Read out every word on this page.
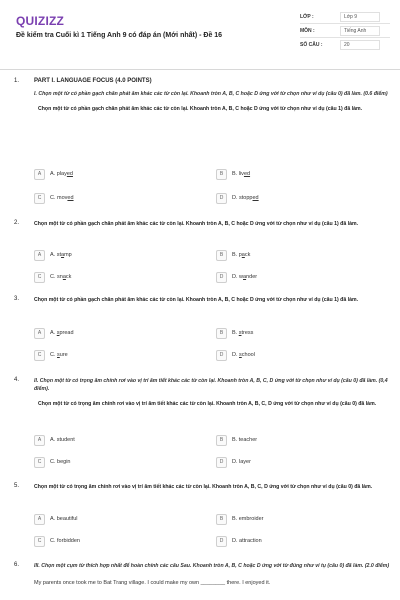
QUIZIZZ
Đề kiểm tra Cuối kì 1 Tiếng Anh 9 có đáp án (Mới nhất) - Đề 16
LỚP :	Lớp 9
MÔN :	Tiếng Anh
SỐ CÂU :	20
1. PART I. LANGUAGE FOCUS (4.0 POINTS)
I. Chọn một từ có phần gạch chân phát âm khác các từ còn lại. Khoanh tròn A, B, C hoặc D ứng với từ chọn như ví dụ (câu 0) đã làm. (0.6 điểm)
Chọn một từ có phần gạch chân phát âm khác các từ còn lại. Khoanh tròn A, B, C hoặc D ứng với từ chọn như ví dụ (câu 1) đã làm.
A	A. played	B	B. lived
C	C. moved	D	D. stopped
2.	Chọn một từ có phần gạch chân phát âm khác các từ còn lại. Khoanh tròn A, B, C hoặc D ứng với từ chọn như ví dụ (câu 1) đã làm.
A	A. stamp	B	B. pack
C	C. snack	D	D. wander
3.	Chọn một từ có phần gạch chân phát âm khác các từ còn lại. Khoanh tròn A, B, C hoặc D ứng với từ chọn như ví dụ (câu 1) đã làm.
A	A. spread	B	B. stress
C	C. sure	D	D. school
4.	II. Chọn một từ có trọng âm chính rơi vào vị trí âm tiết khác các từ còn lại. Khoanh tròn A, B, C, D ứng với từ chọn như ví dụ (câu 0) đã làm. (0,4 điểm).
Chọn một từ có trọng âm chính rơi vào vị trí âm tiết khác các từ còn lại. Khoanh tròn A, B, C, D ứng với từ chọn như ví dụ (câu 0) đã làm.
A	A. student	B	B. teacher
C	C. begin	D	D. layer
5.	Chọn một từ có trọng âm chính rơi vào vị trí âm tiết khác các từ còn lại. Khoanh tròn A, B, C, D ứng với từ chọn như ví dụ (câu 0) đã làm.
A	A. beautiful	B	B. embroider
C	C. forbidden	D	D. attraction
6.	III. Chọn một cụm từ thích hợp nhất để hoàn chỉnh các câu Sau. Khoanh tròn A, B, C hoặc D ứng với từ đúng như ví tụ (câu 0) đã làm. (2.0 điểm)
My parents once took me to Bat Trang village. I could make my own ________ there. I enjoyed it.
